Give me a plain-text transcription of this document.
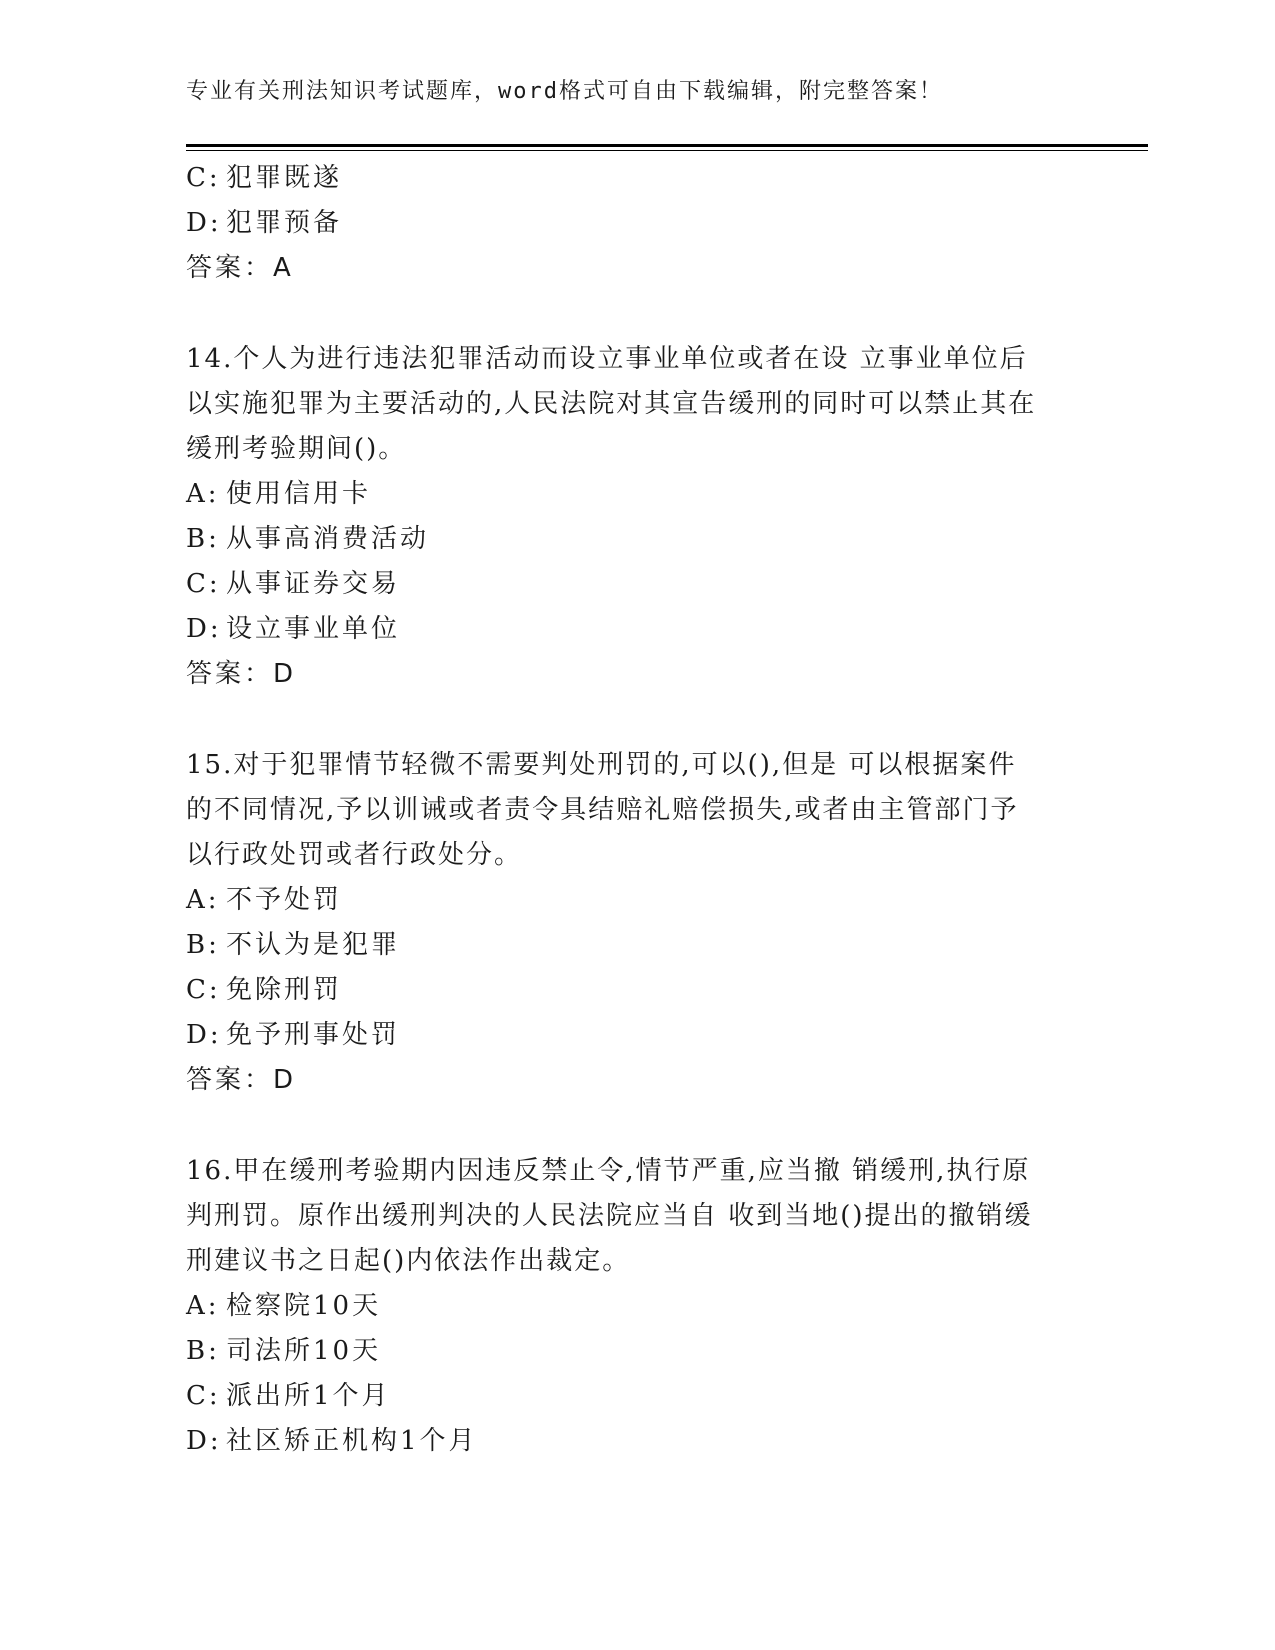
专业有关刑法知识考试题库，word格式可自由下载编辑，附完整答案！
C: 犯罪既遂
D: 犯罪预备
答案：A
14.个人为进行违法犯罪活动而设立事业单位或者在设 立事业单位后
以实施犯罪为主要活动的,人民法院对其宣告缓刑的同时可以禁止其在
缓刑考验期间()。
A: 使用信用卡
B: 从事高消费活动
C: 从事证券交易
D: 设立事业单位
答案：D
15.对于犯罪情节轻微不需要判处刑罚的,可以(),但是 可以根据案件
的不同情况,予以训诫或者责令具结赔礼赔偿损失,或者由主管部门予
以行政处罚或者行政处分。
A: 不予处罚
B: 不认为是犯罪
C: 免除刑罚
D: 免予刑事处罚
答案：D
16.甲在缓刑考验期内因违反禁止令,情节严重,应当撤 销缓刑,执行原
判刑罚。原作出缓刑判决的人民法院应当自 收到当地()提出的撤销缓
刑建议书之日起()内依法作出裁定。
A: 检察院10天
B: 司法所10天
C: 派出所1个月
D: 社区矫正机构1个月
